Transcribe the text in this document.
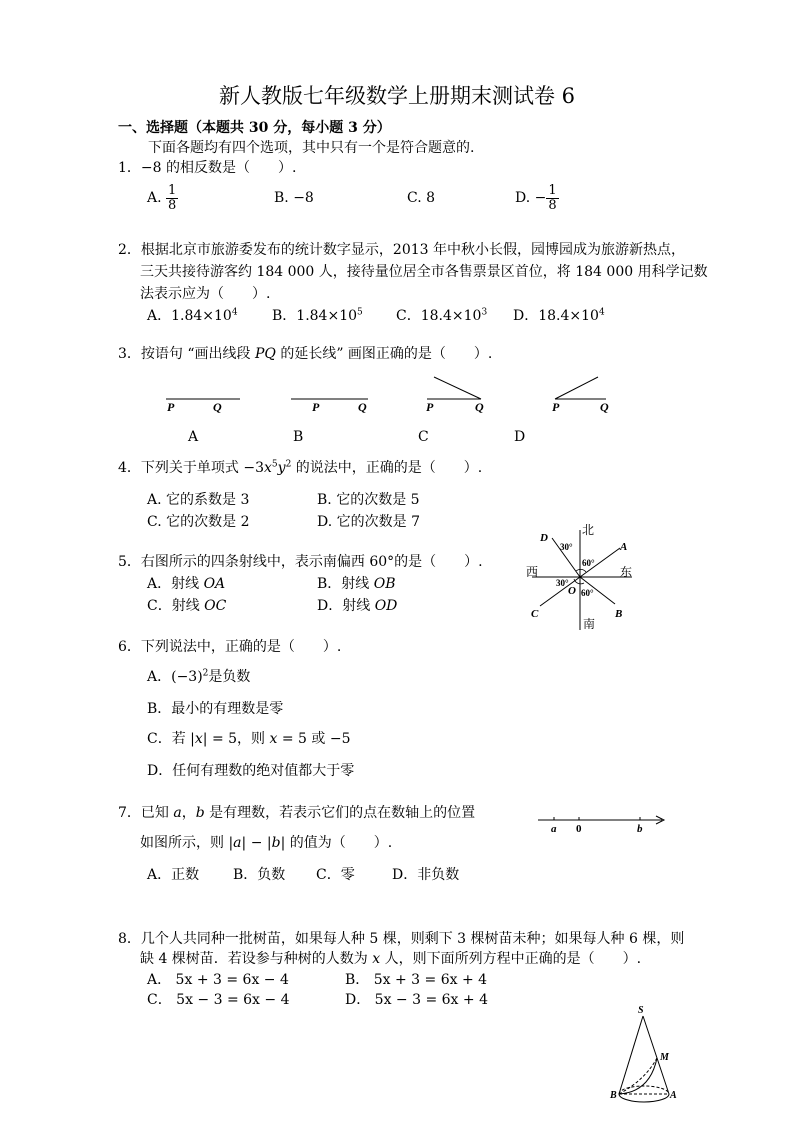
新人教版七年级数学上册期末测试卷 6
一、选择题（本题共 30 分，每小题 3 分）
下面各题均有四个选项，其中只有一个是符合题意的.
1．−8 的相反数是（　　）.
A. $\frac{1}{8}$	B. −8	C. 8	D. − $\frac{1}{8}$
2．根据北京市旅游委发布的统计数字显示，2013 年中秋小长假，园博园成为旅游新热点，
三天共接待游客约 184 000 人，接待量位居全市各售票景区首位，将 184 000 用科学记数
法表示应为（　　）.
A．$1.84\times 10^4$ B．$1.84\times 10^5$ C．$18.4\times 10^3$ D．$18.4\times 10^4$
3．按语句 “画出线段 PQ 的延长线” 画图正确的是（　　）.
P	Q	P	Q	P	Q	P	Q
A	B	C	D
4．下列关于单项式 $-3x^5y^2$ 的说法中，正确的是（　　）.
A. 它的系数是 3	B. 它的次数是 5
C. 它的次数是 2	D. 它的次数是 7
5．右图所示的四条射线中，表示南偏西 60°的是（　　）.
A．射线 OA	B．射线 OB
C．射线 OC	D．射线 OD
北
南
西	东
A
B
C
D
O
30°
60°
30°
60°
6．下列说法中，正确的是（　　）.
A．$(-3)^2$是负数
B．最小的有理数是零
C．若 |x| = 5，则 x = 5 或 −5
D．任何有理数的绝对值都大于零
7．已知 a，b 是有理数，若表示它们的点在数轴上的位置
如图所示，则 |a| − |b| 的值为（　　）.
A．正数 B．负数 C．零	D．非负数
a 0	b
8．几个人共同种一批树苗，如果每人种 5 棵，则剩下 3 棵树苗未种；如果每人种 6 棵，则
缺 4 棵树苗．若设参与种树的人数为 x 人，则下面所列方程中正确的是（　　）.
A． 5x + 3 = 6x − 4	B． 5x + 3 = 6x + 4
C． 5x − 3 = 6x − 4	D． 5x − 3 = 6x + 4
S
M
A
B
